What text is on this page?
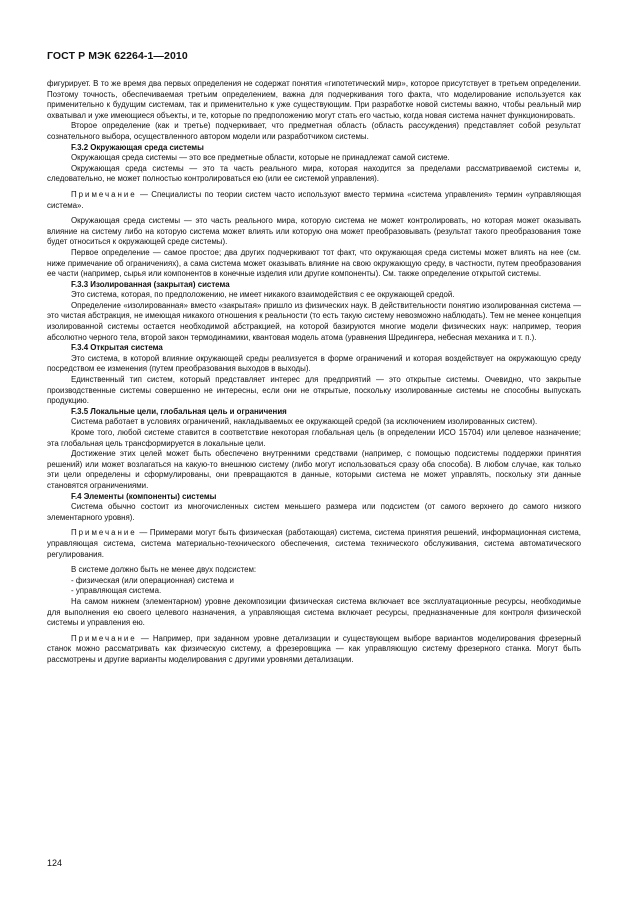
ГОСТ Р МЭК 62264-1—2010

фигурирует. В то же время два первых определения не содержат понятия «гипотетический мир», которое присутствует в третьем определении. Поэтому точность, обеспечиваемая третьим определением, важна для подчеркивания того факта, что моделирование используется как применительно к будущим системам, так и применительно к уже существующим. При разработке новой системы важно, чтобы реальный мир охватывал и уже имеющиеся объекты, и те, которые по предположению могут стать его частью, когда новая система начнет функционировать.

Второе определение (как и третье) подчеркивает, что предметная область (область рассуждения) представляет собой результат сознательного выбора, осуществленного автором модели или разработчиком системы.

F.3.2 Окружающая среда системы

Окружающая среда системы — это все предметные области, которые не принадлежат самой системе.

Окружающая среда системы — это та часть реального мира, которая находится за пределами рассматриваемой системы и, следовательно, не может полностью контролироваться ею (или ее системой управления).

Примечание — Специалисты по теории систем часто используют вместо термина «система управления» термин «управляющая система».

Окружающая среда системы — это часть реального мира, которую система не может контролировать, но которая может оказывать влияние на систему либо на которую система может влиять или которую она может преобразовывать (результат такого преобразования тоже будет относиться к окружающей среде системы).

Первое определение — самое простое; два других подчеркивают тот факт, что окружающая среда системы может влиять на нее (см. ниже примечание об ограничениях), а сама система может оказывать влияние на свою окружающую среду, в частности, путем преобразования ее части (например, сырья или компонентов в конечные изделия или другие компоненты). См. также определение открытой системы.

F.3.3 Изолированная (закрытая) система

Это система, которая, по предположению, не имеет никакого взаимодействия с ее окружающей средой.

Определение «изолированная» вместо «закрытая» пришло из физических наук. В действительности понятию изолированная система — это чистая абстракция, не имеющая никакого отношения к реальности (то есть такую систему невозможно наблюдать). Тем не менее концепция изолированной системы остается необходимой абстракцией, на которой базируются многие модели физических наук: например, теория абсолютно черного тела, второй закон термодинамики, квантовая модель атома (уравнения Шредингера, небесная механика и т. п.).

F.3.4 Открытая система

Это система, в которой влияние окружающей среды реализуется в форме ограничений и которая воздействует на окружающую среду посредством ее изменения (путем преобразования выходов в выходы).

Единственный тип систем, который представляет интерес для предприятий — это открытые системы. Очевидно, что закрытые производственные системы совершенно не интересны, если они не открытые, поскольку изолированные системы не способны выпускать продукцию.

F.3.5 Локальные цели, глобальная цель и ограничения

Система работает в условиях ограничений, накладываемых ее окружающей средой (за исключением изолированных систем).

Кроме того, любой системе ставится в соответствие некоторая глобальная цель (в определении ИСО 15704) или целевое назначение; эта глобальная цель трансформируется в локальные цели.

Достижение этих целей может быть обеспечено внутренними средствами (например, с помощью подсистемы поддержки принятия решений) или может возлагаться на какую-то внешнюю систему (либо могут использоваться сразу оба способа). В любом случае, как только эти цели определены и сформулированы, они превращаются в данные, которыми система не может управлять, поскольку эти данные становятся ограничениями.

F.4 Элементы (компоненты) системы

Система обычно состоит из многочисленных систем меньшего размера или подсистем (от самого верхнего до самого низкого элементарного уровня).

Примечание — Примерами могут быть физическая (работающая) система, система принятия решений, информационная система, управляющая система, система материально-технического обеспечения, система технического обслуживания, система автоматического регулирования.

В системе должно быть не менее двух подсистем:

- физическая (или операционная) система и

- управляющая система.

На самом нижнем (элементарном) уровне декомпозиции физическая система включает все эксплуатационные ресурсы, необходимые для выполнения ею своего целевого назначения, а управляющая система включает ресурсы, предназначенные для контроля физической системы и управления ею.

Примечание — Например, при заданном уровне детализации и существующем выборе вариантов моделирования фрезерный станок можно рассматривать как физическую систему, а фрезеровщика — как управляющую систему фрезерного станка. Могут быть рассмотрены и другие варианты моделирования с другими уровнями детализации.

124
